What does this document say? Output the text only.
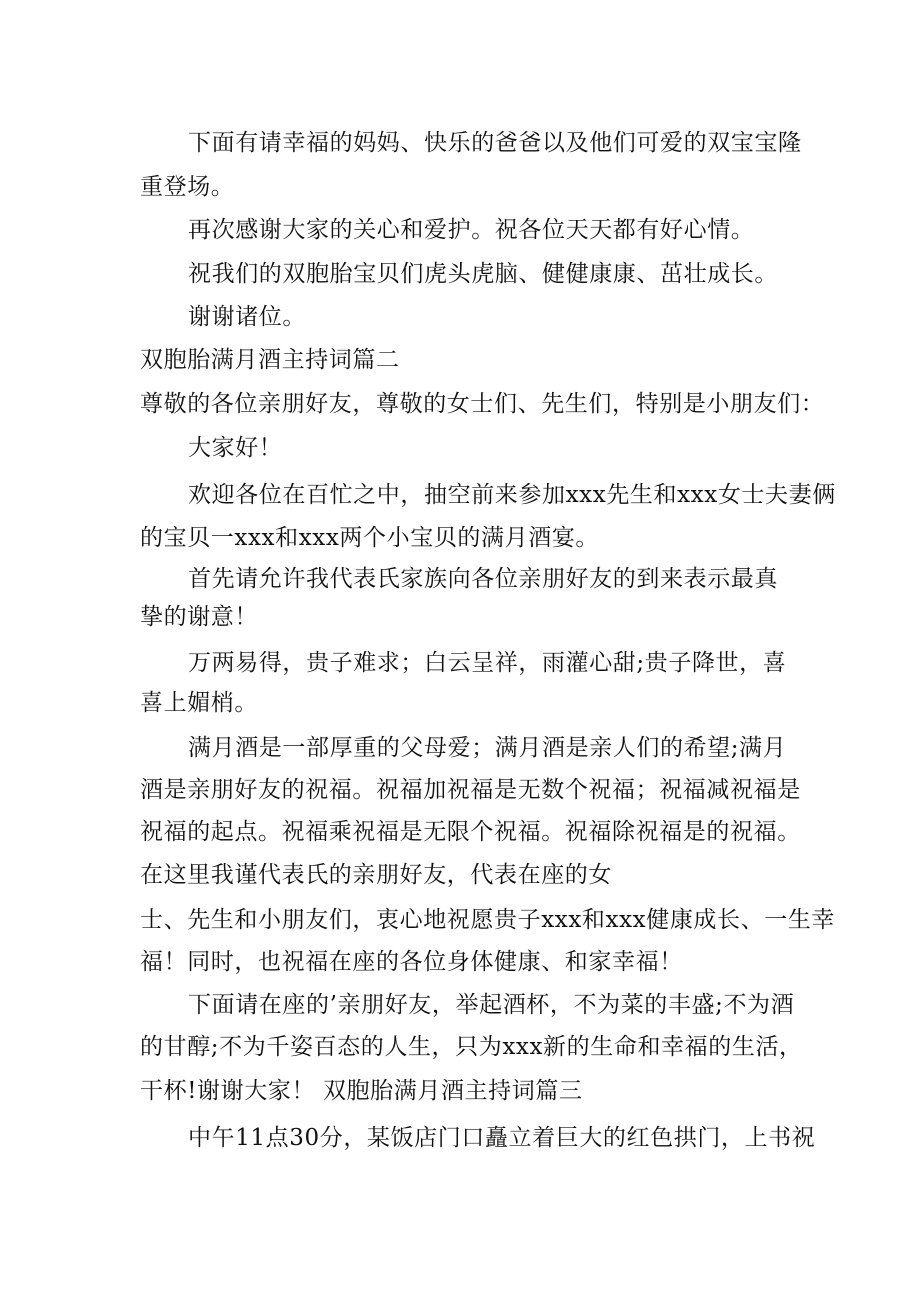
下面有请幸福的妈妈、快乐的爸爸以及他们可爱的双宝宝隆

重登场。

再次感谢大家的关心和爱护。祝各位天天都有好心情。

祝我们的双胞胎宝贝们虎头虎脑、健健康康、茁壮成长。

谢谢诸位。

双胞胎满月酒主持词篇二

尊敬的各位亲朋好友，尊敬的女士们、先生们，特别是小朋友们：

大家好！

欢迎各位在百忙之中，抽空前来参加xxx先生和xxx女士夫妻俩

的宝贝一xxx和xxx两个小宝贝的满月酒宴。

首先请允许我代表氏家族向各位亲朋好友的到来表示最真

挚的谢意！

万两易得，贵子难求；白云呈祥，雨灌心甜;贵子降世，喜

喜上媚梢。

满月酒是一部厚重的父母爱；满月酒是亲人们的希望;满月

酒是亲朋好友的祝福。祝福加祝福是无数个祝福；祝福减祝福是

祝福的起点。祝福乘祝福是无限个祝福。祝福除祝福是的祝福。

在这里我谨代表氏的亲朋好友，代表在座的女

士、先生和小朋友们，衷心地祝愿贵子xxx和xxx健康成长、一生幸

福！同时，也祝福在座的各位身体健康、和家幸福！

下面请在座的’亲朋好友，举起酒杯，不为菜的丰盛;不为酒

的甘醇;不为千姿百态的人生，只为xxx新的生命和幸福的生活，

干杯!谢谢大家！ 双胞胎满月酒主持词篇三

中午11点30分，某饭店门口矗立着巨大的红色拱门，上书祝
